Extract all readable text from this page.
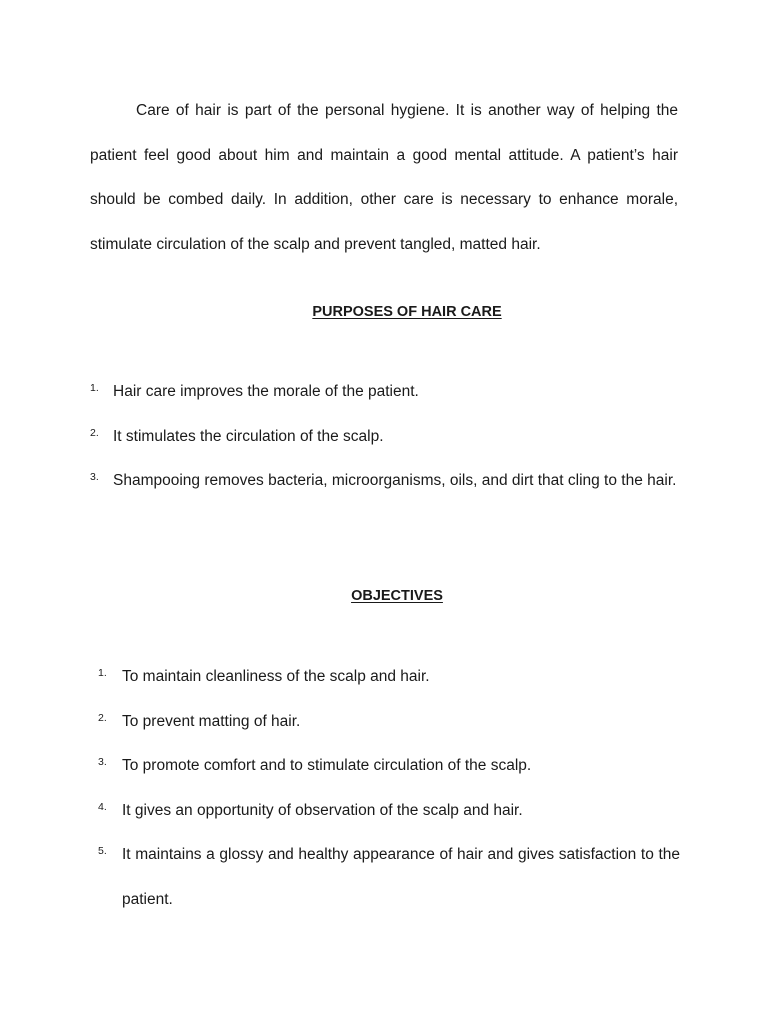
Care of hair is part of the personal hygiene. It is another way of helping the patient feel good about him and maintain a good mental attitude. A patient’s hair should be combed daily. In addition, other care is necessary to enhance morale, stimulate circulation of the scalp and prevent tangled, matted hair.

PURPOSES OF HAIR CARE
1. Hair care improves the morale of the patient.
2. It stimulates the circulation of the scalp.
3. Shampooing removes bacteria, microorganisms, oils, and dirt that cling to the hair.
OBJECTIVES
1. To maintain cleanliness of the scalp and hair.
2. To prevent matting of hair.
3. To promote comfort and to stimulate circulation of the scalp.
4. It gives an opportunity of observation of the scalp and hair.
5. It maintains a glossy and healthy appearance of hair and gives satisfaction to the patient.
